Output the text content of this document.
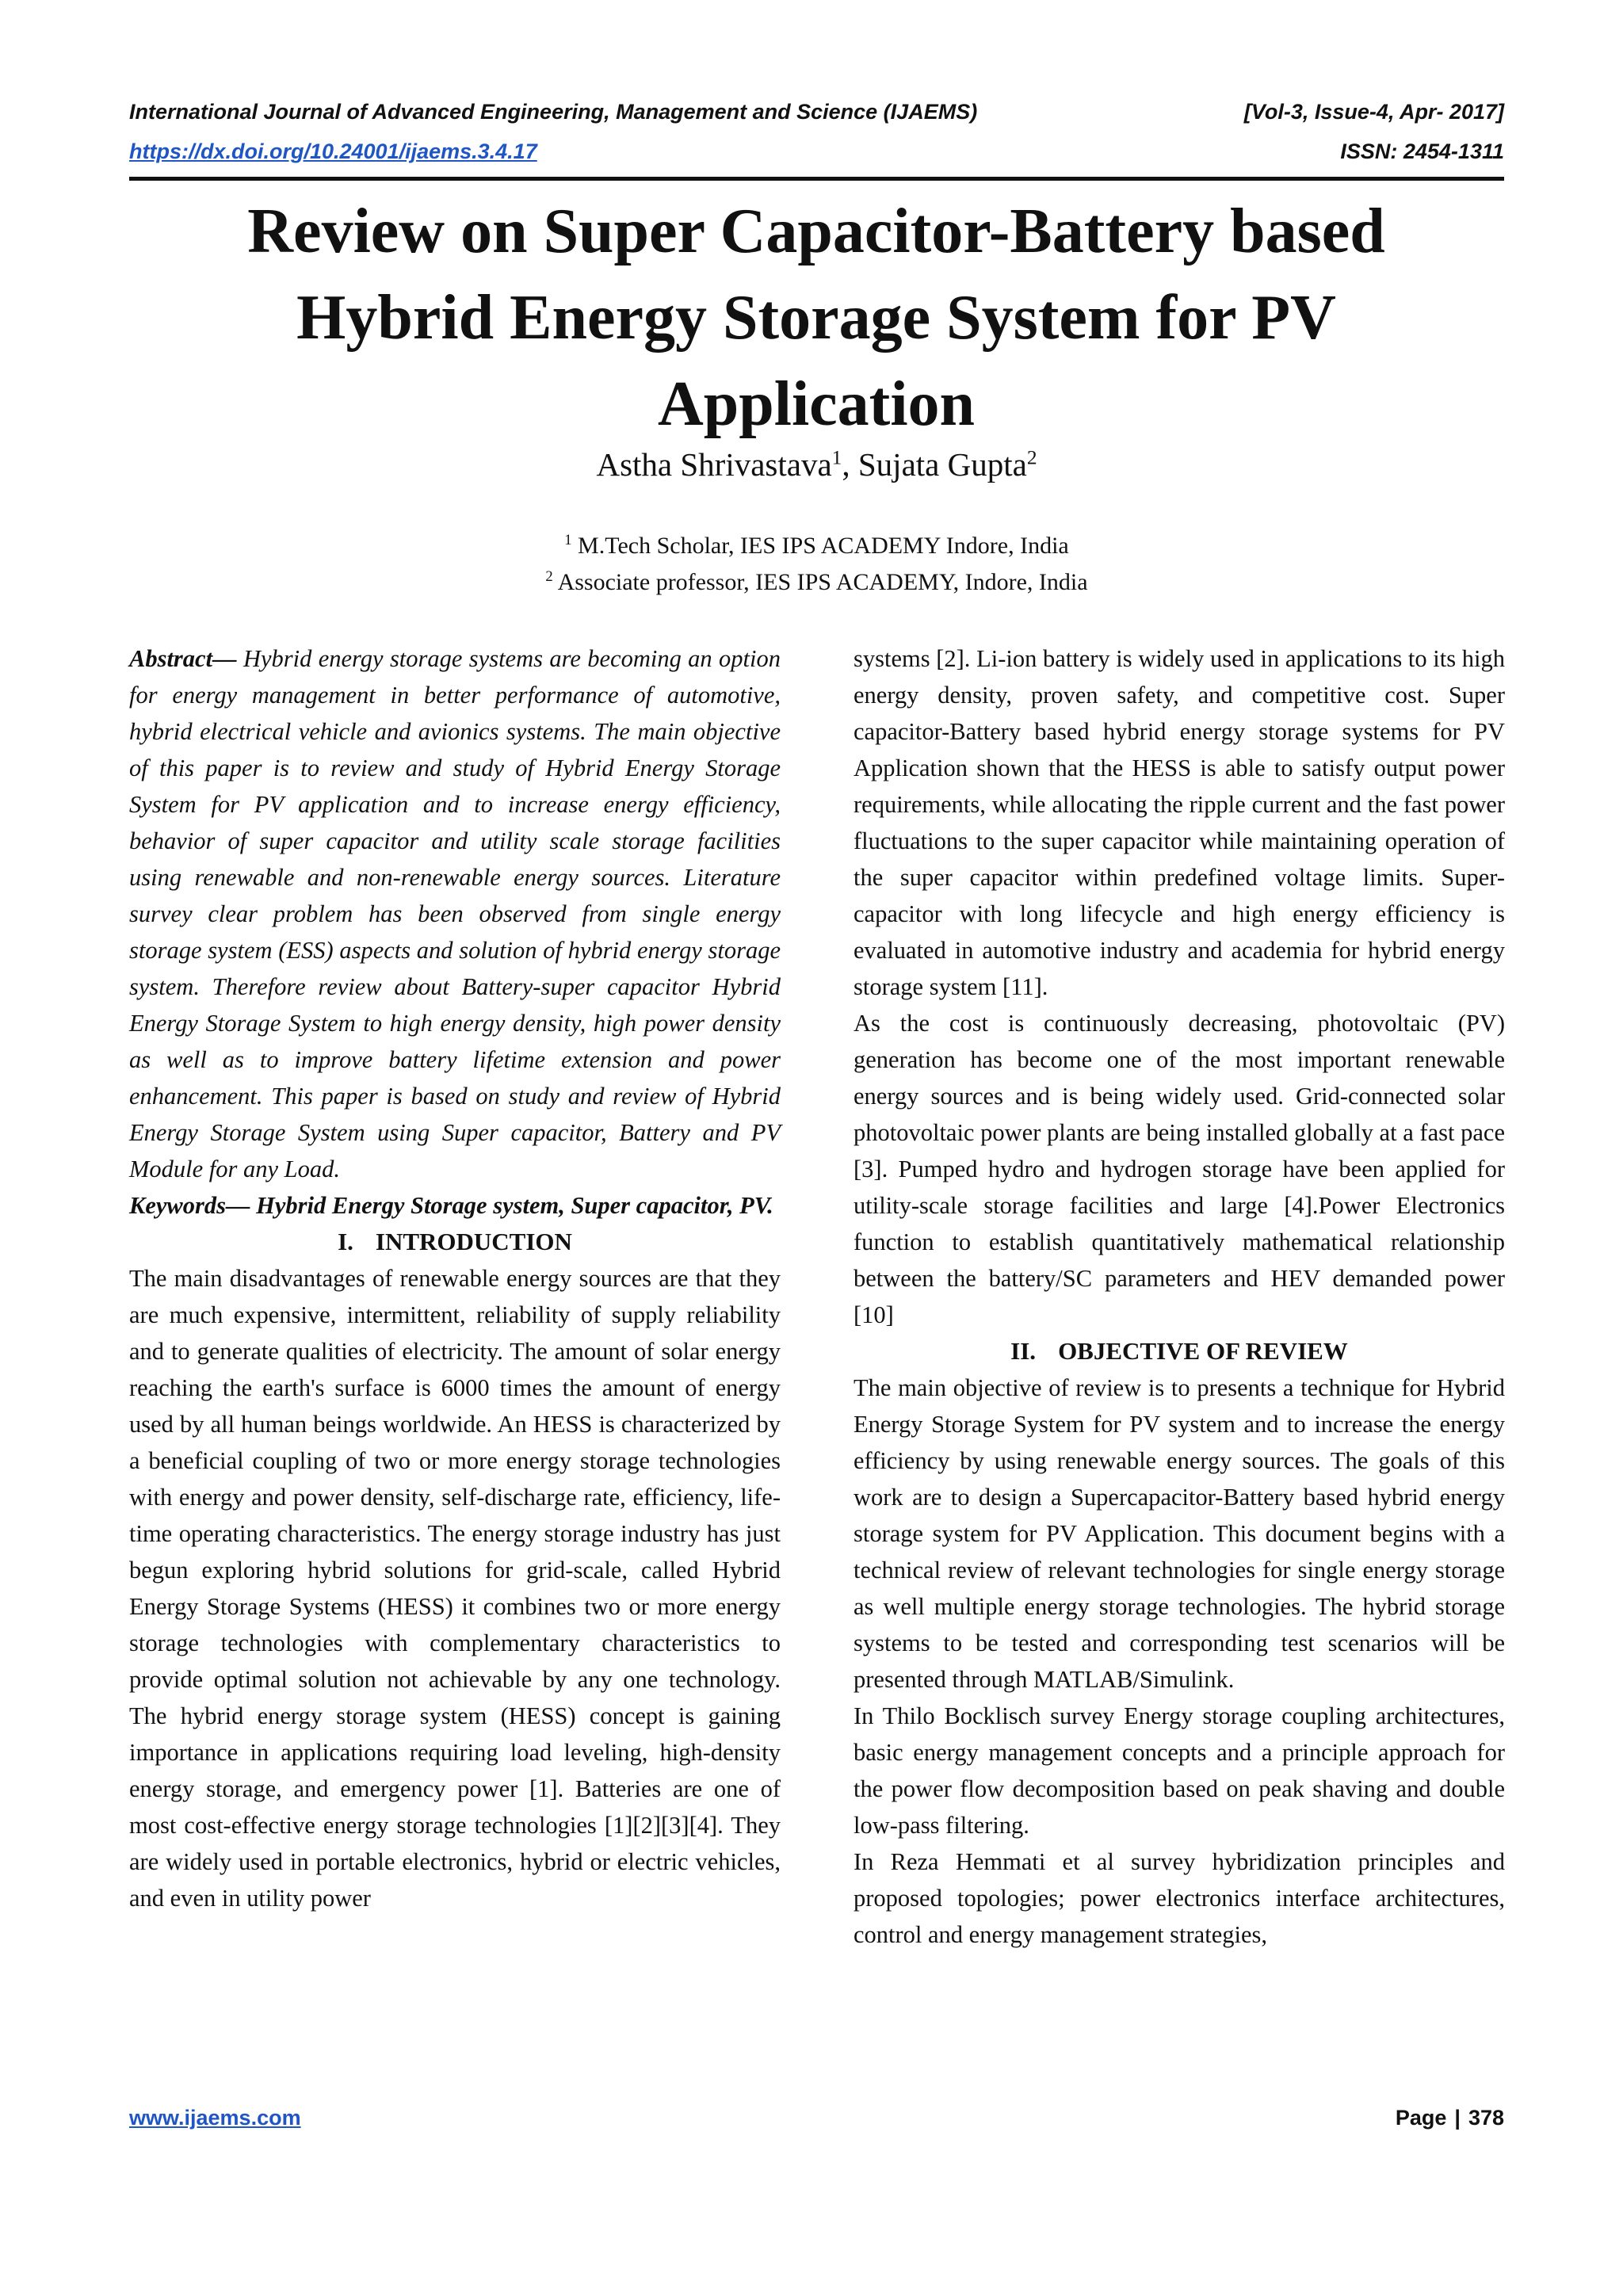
International Journal of Advanced Engineering, Management and Science (IJAEMS)	[Vol-3, Issue-4, Apr- 2017]
https://dx.doi.org/10.24001/ijaems.3.4.17	ISSN: 2454-1311
Review on Super Capacitor-Battery based Hybrid Energy Storage System for PV Application
Astha Shrivastava$^1$, Sujata Gupta$^2$
$^1$ M.Tech Scholar, IES IPS ACADEMY Indore, India
$^2$ Associate professor, IES IPS ACADEMY, Indore, India

Abstract— Hybrid energy storage systems are becoming an option for energy management in better performance of automotive, hybrid electrical vehicle and avionics systems. The main objective of this paper is to review and study of Hybrid Energy Storage System for PV application and to increase energy efficiency, behavior of super capacitor and utility scale storage facilities using renewable and non-renewable energy sources. Literature survey clear problem has been observed from single energy storage system (ESS) aspects and solution of hybrid energy storage system. Therefore review about Battery-super capacitor Hybrid Energy Storage System to high energy density, high power density as well as to improve battery lifetime extension and power enhancement. This paper is based on study and review of Hybrid Energy Storage System using Super capacitor, Battery and PV Module for any Load.

Keywords— Hybrid Energy Storage system, Super capacitor, PV.

I. INTRODUCTION

The main disadvantages of renewable energy sources are that they are much expensive, intermittent, reliability of supply reliability and to generate qualities of electricity. The amount of solar energy reaching the earth's surface is 6000 times the amount of energy used by all human beings worldwide. An HESS is characterized by a beneficial coupling of two or more energy storage technologies with energy and power density, self-discharge rate, efficiency, life-time operating characteristics. The energy storage industry has just begun exploring hybrid solutions for grid-scale, called Hybrid Energy Storage Systems (HESS) it combines two or more energy storage technologies with complementary characteristics to provide optimal solution not achievable by any one technology. The hybrid energy storage system (HESS) concept is gaining importance in applications requiring load leveling, high-density energy storage, and emergency power [1]. Batteries are one of most cost-effective energy storage technologies [1][2][3][4]. They are widely used in portable electronics, hybrid or electric vehicles, and even in utility power

systems [2]. Li-ion battery is widely used in applications to its high energy density, proven safety, and competitive cost. Super capacitor-Battery based hybrid energy storage systems for PV Application shown that the HESS is able to satisfy output power requirements, while allocating the ripple current and the fast power fluctuations to the super capacitor while maintaining operation of the super capacitor within predefined voltage limits. Super-capacitor with long lifecycle and high energy efficiency is evaluated in automotive industry and academia for hybrid energy storage system [11].

As the cost is continuously decreasing, photovoltaic (PV) generation has become one of the most important renewable energy sources and is being widely used. Grid-connected solar photovoltaic power plants are being installed globally at a fast pace [3]. Pumped hydro and hydrogen storage have been applied for utility-scale storage facilities and large [4].Power Electronics function to establish quantitatively mathematical relationship between the battery/SC parameters and HEV demanded power [10]

II. OBJECTIVE OF REVIEW

The main objective of review is to presents a technique for Hybrid Energy Storage System for PV system and to increase the energy efficiency by using renewable energy sources. The goals of this work are to design a Supercapacitor-Battery based hybrid energy storage system for PV Application. This document begins with a technical review of relevant technologies for single energy storage as well multiple energy storage technologies. The hybrid storage systems to be tested and corresponding test scenarios will be presented through MATLAB/Simulink.

In Thilo Bocklisch survey Energy storage coupling architectures, basic energy management concepts and a principle approach for the power flow decomposition based on peak shaving and double low-pass filtering.

In Reza Hemmati et al survey hybridization principles and proposed topologies; power electronics interface architectures, control and energy management strategies,

www.ijaems.com	Page | 378
